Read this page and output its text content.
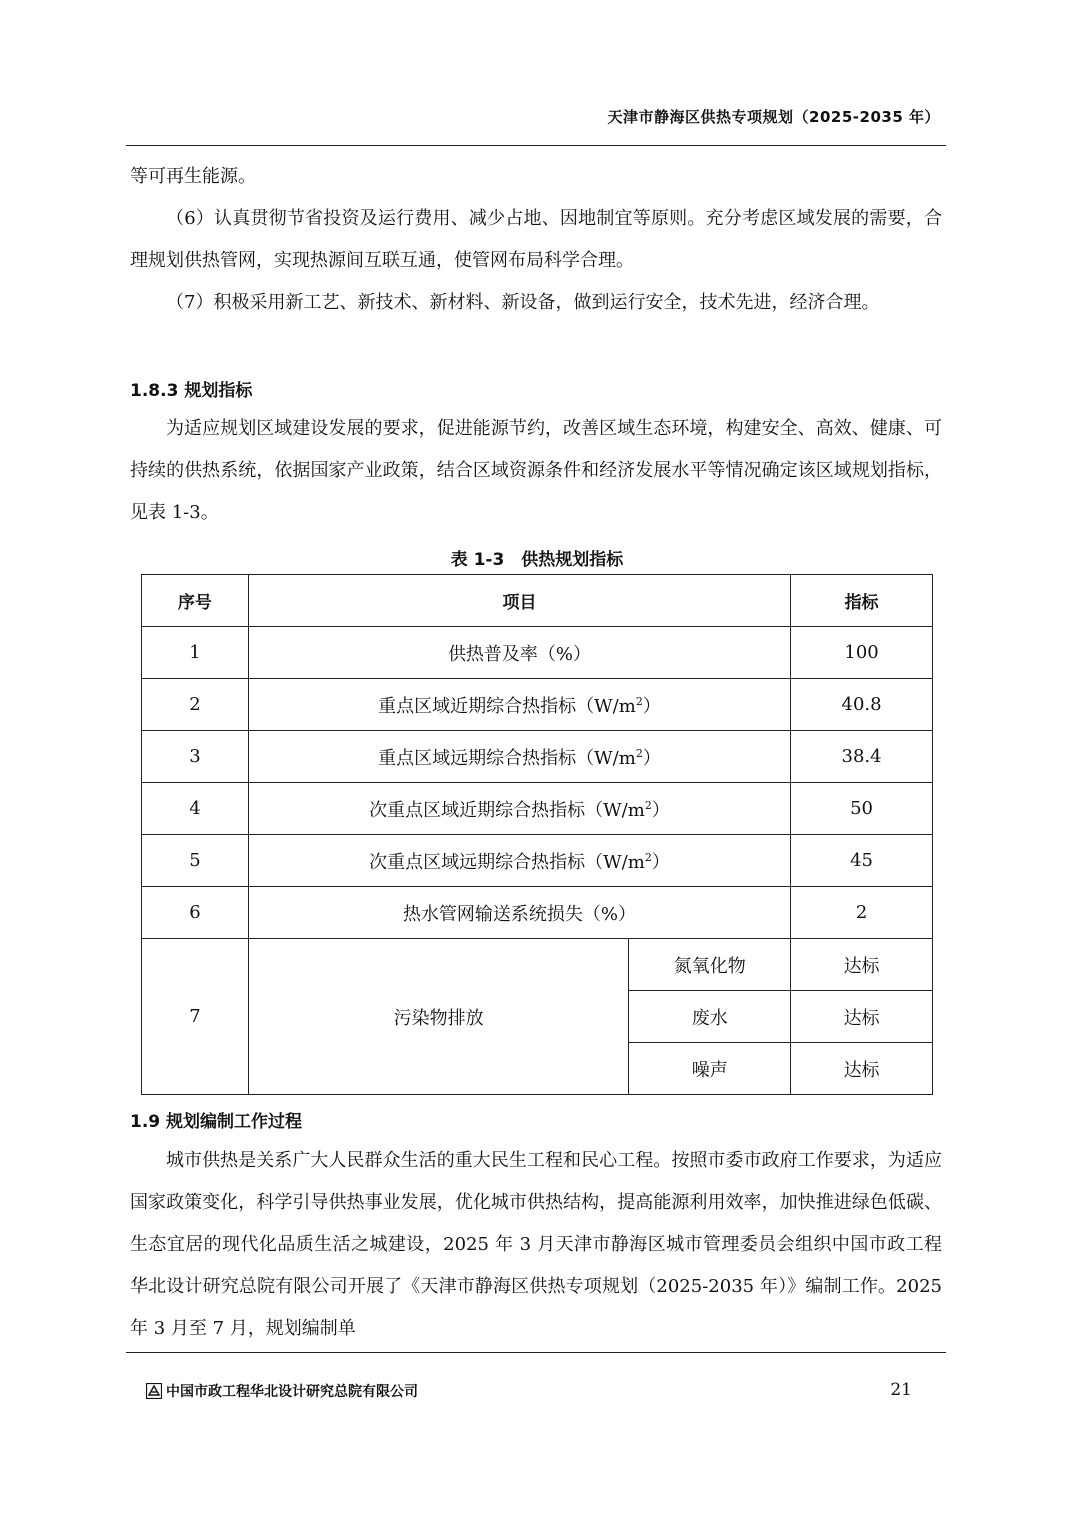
天津市静海区供热专项规划（2025-2035 年）

等可再生能源。

（6）认真贯彻节省投资及运行费用、减少占地、因地制宜等原则。充分考虑区域发展的需要，合理规划供热管网，实现热源间互联互通，使管网布局科学合理。

（7）积极采用新工艺、新技术、新材料、新设备，做到运行安全，技术先进，经济合理。

1.8.3 规划指标

为适应规划区域建设发展的要求，促进能源节约，改善区域生态环境，构建安全、高效、健康、可持续的供热系统，依据国家产业政策，结合区域资源条件和经济发展水平等情况确定该区域规划指标，见表 1-3。

表 1-3　供热规划指标
序号	项目		指标
1	供热普及率（%）		100
2	重点区域近期综合热指标$(W/m^2)$		40.8
3	重点区域远期综合热指标$(W/m^2)$		38.4
4	次重点区域近期综合热指标$(W/m^2)$		50
5	次重点区域远期综合热指标$(W/m^2)$		45
6	热水管网输送系统损失（%）		2
7	污染物排放	氮氧化物	达标
		废水	达标
		噪声	达标
1.9 规划编制工作过程

城市供热是关系广大人民群众生活的重大民生工程和民心工程。按照市委市政府工作要求，为适应国家政策变化，科学引导供热事业发展，优化城市供热结构，提高能源利用效率，加快推进绿色低碳、生态宜居的现代化品质生活之城建设，2025 年 3 月天津市静海区城市管理委员会组织中国市政工程华北设计研究总院有限公司开展了《天津市静海区供热专项规划（2025-2035 年）》编制工作。2025 年 3 月至 7 月，规划编制单

中国市政工程华北设计研究总院有限公司	21
